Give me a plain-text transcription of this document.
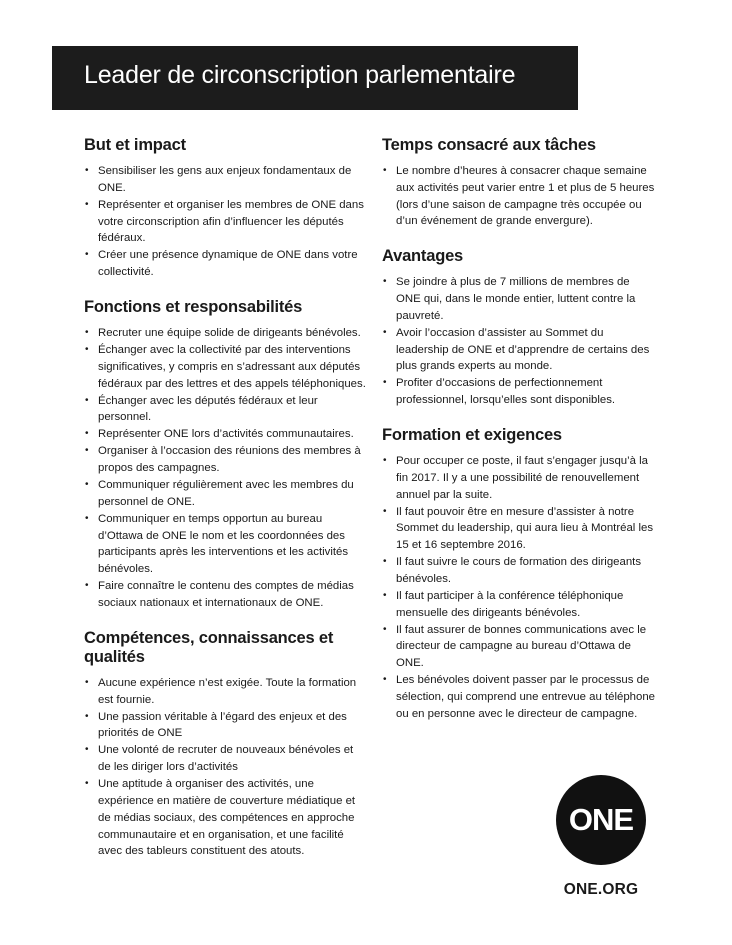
Leader de circonscription parlementaire
But et impact
• Sensibiliser les gens aux enjeux fondamentaux de ONE.
• Représenter et organiser les membres de ONE dans votre circonscription afin d’influencer les députés fédéraux.
• Créer une présence dynamique de ONE dans votre collectivité.
Fonctions et responsabilités
• Recruter une équipe solide de dirigeants bénévoles.
• Échanger avec la collectivité par des interventions significatives, y compris en s’adressant aux députés fédéraux par des lettres et des appels téléphoniques.
• Échanger avec les députés fédéraux et leur personnel.
• Représenter ONE lors d’activités communautaires.
• Organiser à l’occasion des réunions des membres à propos des campagnes.
• Communiquer régulièrement avec les membres du personnel de ONE.
• Communiquer en temps opportun au bureau d’Ottawa de ONE le nom et les coordonnées des participants après les interventions et les activités bénévoles.
• Faire connaître le contenu des comptes de médias sociaux nationaux et internationaux de ONE.
Compétences, connaissances et qualités
• Aucune expérience n’est exigée. Toute la formation est fournie.
• Une passion véritable à l’égard des enjeux et des priorités de ONE
• Une volonté de recruter de nouveaux bénévoles et de les diriger lors d’activités
• Une aptitude à organiser des activités, une expérience en matière de couverture médiatique et de médias sociaux, des compétences en approche communautaire et en organisation, et une facilité avec des tableurs constituent des atouts.
Temps consacré aux tâches
• Le nombre d’heures à consacrer chaque semaine aux activités peut varier entre 1 et plus de 5 heures (lors d’une saison de campagne très occupée ou d’un événement de grande envergure).
Avantages
• Se joindre à plus de 7 millions de membres de ONE qui, dans le monde entier, luttent contre la pauvreté.
• Avoir l’occasion d’assister au Sommet du leadership de ONE et d’apprendre de certains des plus grands experts au monde.
• Profiter d’occasions de perfectionnement professionnel, lorsqu’elles sont disponibles.
Formation et exigences
• Pour occuper ce poste, il faut s’engager jusqu’à la fin 2017. Il y a une possibilité de renouvellement annuel par la suite.
• Il faut pouvoir être en mesure d’assister à notre Sommet du leadership, qui aura lieu à Montréal les 15 et 16 septembre 2016.
• Il faut suivre le cours de formation des dirigeants bénévoles.
• Il faut participer à la conférence téléphonique mensuelle des dirigeants bénévoles.
• Il faut assurer de bonnes communications avec le directeur de campagne au bureau d’Ottawa de ONE.
• Les bénévoles doivent passer par le processus de sélection, qui comprend une entrevue au téléphone ou en personne avec le directeur de campagne.
ONE
ONE.ORG
